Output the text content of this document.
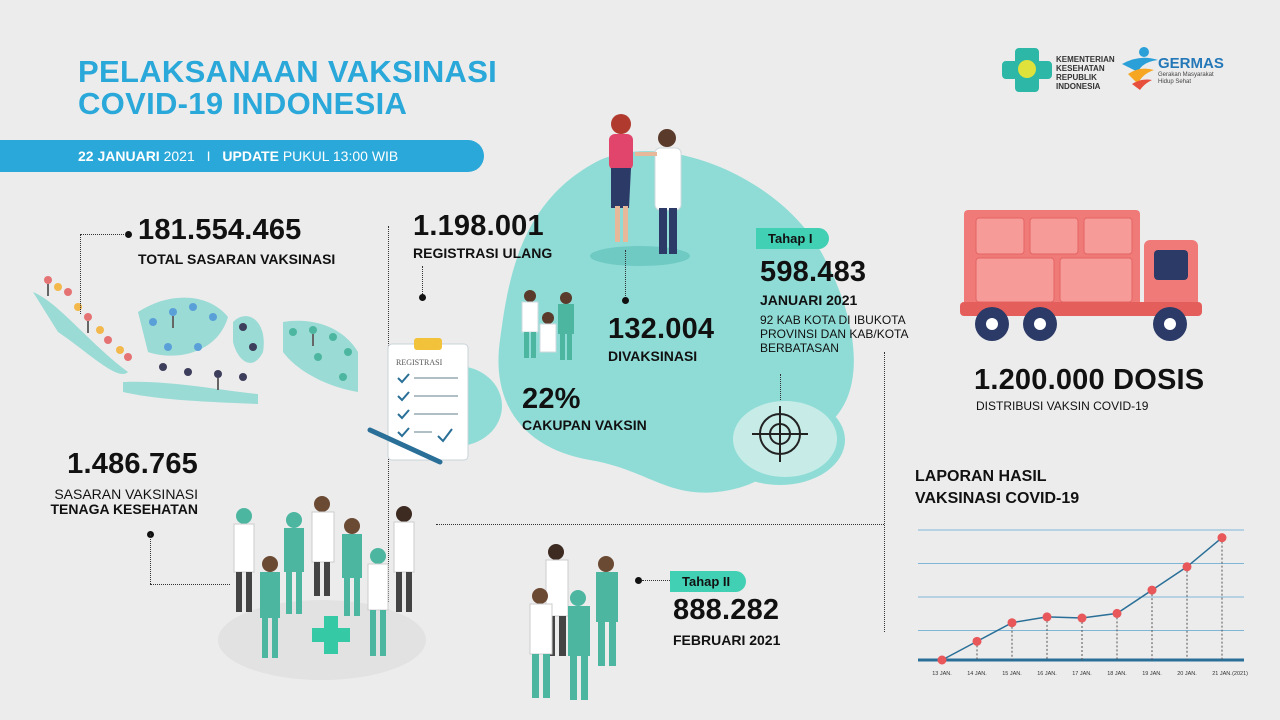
PELAKSANAAN VAKSINASI
COVID-19 INDONESIA
22 JANUARI 2021 I UPDATE PUKUL 13:00 WIB
KEMENTERIAN
KESEHATAN
REPUBLIK
INDONESIA
GERMAS
Gerakan Masyarakat
Hidup Sehat
181.554.465
TOTAL SASARAN VAKSINASI
1.198.001
REGISTRASI ULANG
REGISTRASI
132.004
DIVAKSINASI
22%
CAKUPAN VAKSIN
Tahap I
598.483
JANUARI 2021
92 KAB KOTA DI IBUKOTA PROVINSI DAN KAB/KOTA BERBATASAN
1.200.000 DOSIS
DISTRIBUSI VAKSIN COVID-19
1.486.765
SASARAN VAKSINASI
TENAGA KESEHATAN
Tahap II
888.282
FEBRUARI 2021
LAPORAN HASIL
VAKSINASI COVID-19
13 JAN.	14 JAN.	15 JAN.	16 JAN.	17 JAN.	18 JAN.	19 JAN.	20 JAN.	21 JAN. (2021)
